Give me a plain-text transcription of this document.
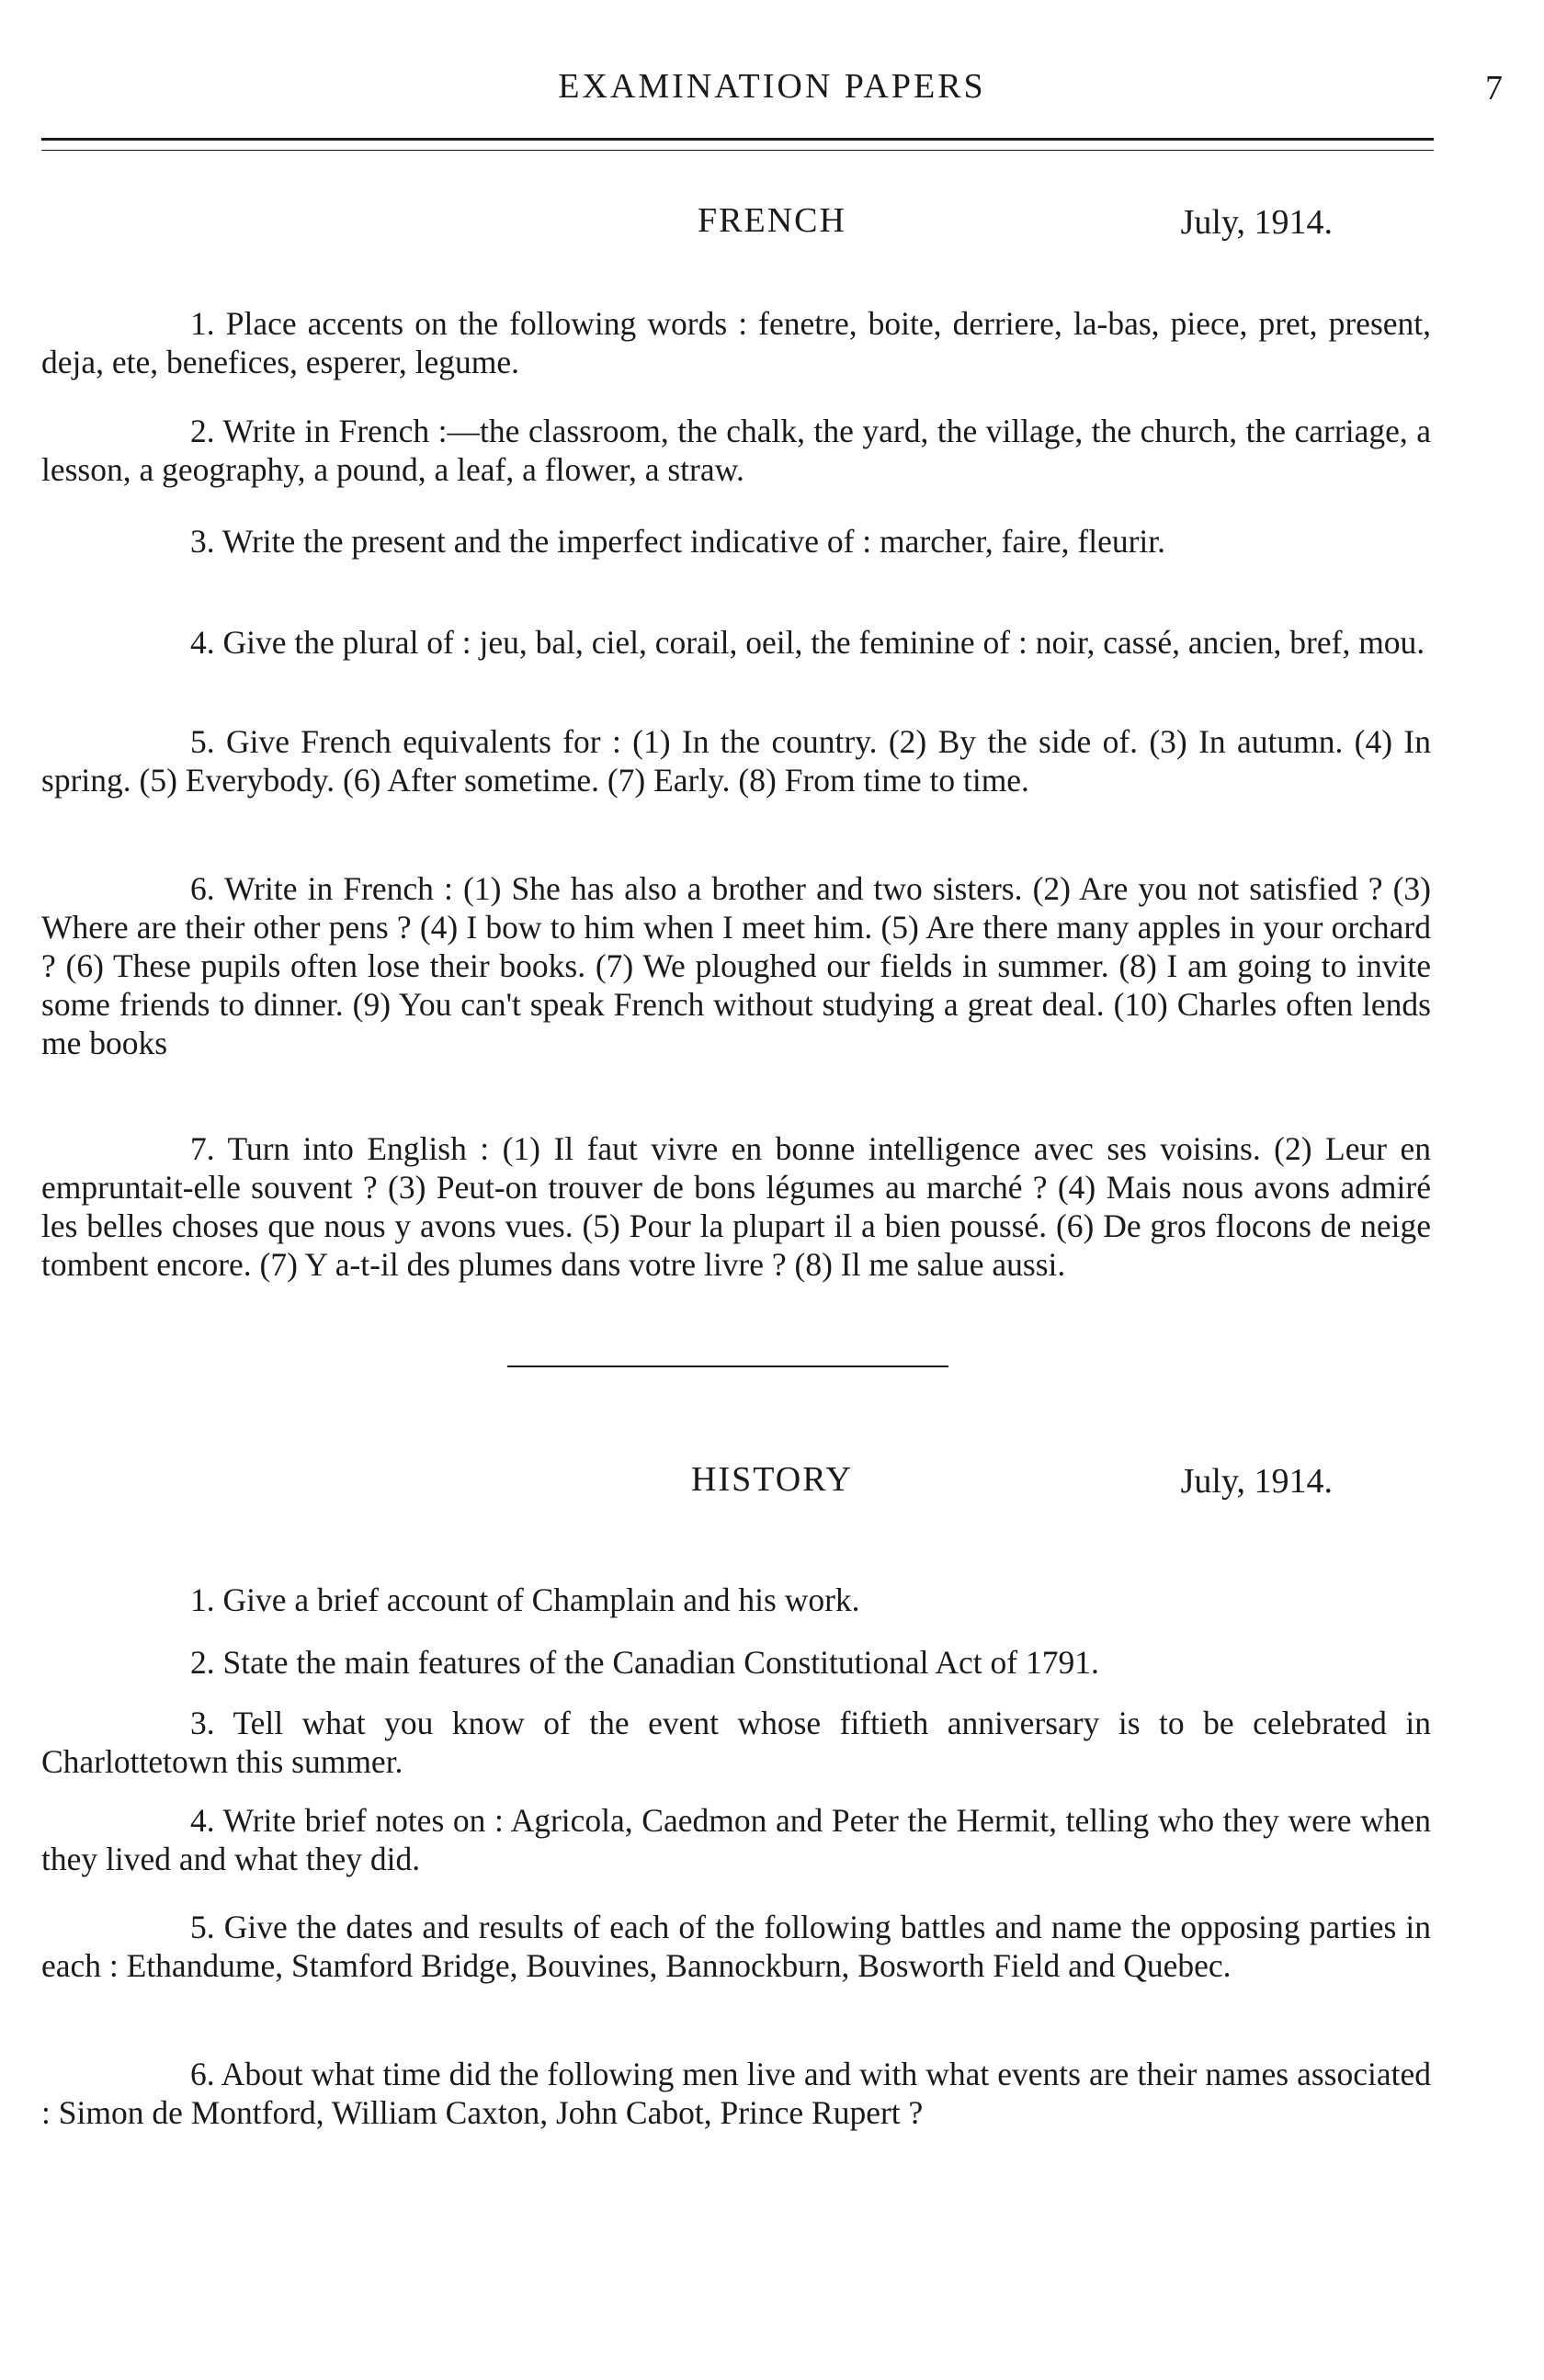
EXAMINATION PAPERS	7
FRENCH	July, 1914.

1. Place accents on the following words : fenetre, boite, derriere, la-bas, piece, pret, present, deja, ete, benefices, esperer, legume.

2. Write in French :—the classroom, the chalk, the yard, the village, the church, the carriage, a lesson, a geography, a pound, a leaf, a flower, a straw.

3. Write the present and the imperfect indicative of : marcher, faire, fleurir.

4. Give the plural of : jeu, bal, ciel, corail, oeil, the feminine of : noir, cassé, ancien, bref, mou.

5. Give French equivalents for : (1) In the country. (2) By the side of. (3) In autumn. (4) In spring. (5) Everybody. (6) After sometime. (7) Early. (8) From time to time.

6. Write in French : (1) She has also a brother and two sisters. (2) Are you not satisfied ? (3) Where are their other pens ? (4) I bow to him when I meet him. (5) Are there many apples in your orchard ? (6) These pupils often lose their books. (7) We ploughed our fields in summer. (8) I am going to invite some friends to dinner. (9) You can't speak French without studying a great deal. (10) Charles often lends me books

7. Turn into English : (1) Il faut vivre en bonne intelligence avec ses voisins. (2) Leur en empruntait-elle souvent ? (3) Peut-on trouver de bons légumes au marché ? (4) Mais nous avons admiré les belles choses que nous y avons vues. (5) Pour la plupart il a bien poussé. (6) De gros flocons de neige tombent encore. (7) Y a-t-il des plumes dans votre livre ? (8) Il me salue aussi.

HISTORY	July, 1914.

1. Give a brief account of Champlain and his work.

2. State the main features of the Canadian Constitutional Act of 1791.

3. Tell what you know of the event whose fiftieth anniversary is to be celebrated in Charlottetown this summer.

4. Write brief notes on : Agricola, Caedmon and Peter the Hermit, telling who they were when they lived and what they did.

5. Give the dates and results of each of the following battles and name the opposing parties in each : Ethandume, Stamford Bridge, Bouvines, Bannockburn, Bosworth Field and Quebec.

6. About what time did the following men live and with what events are their names associated : Simon de Montford, William Caxton, John Cabot, Prince Rupert ?
